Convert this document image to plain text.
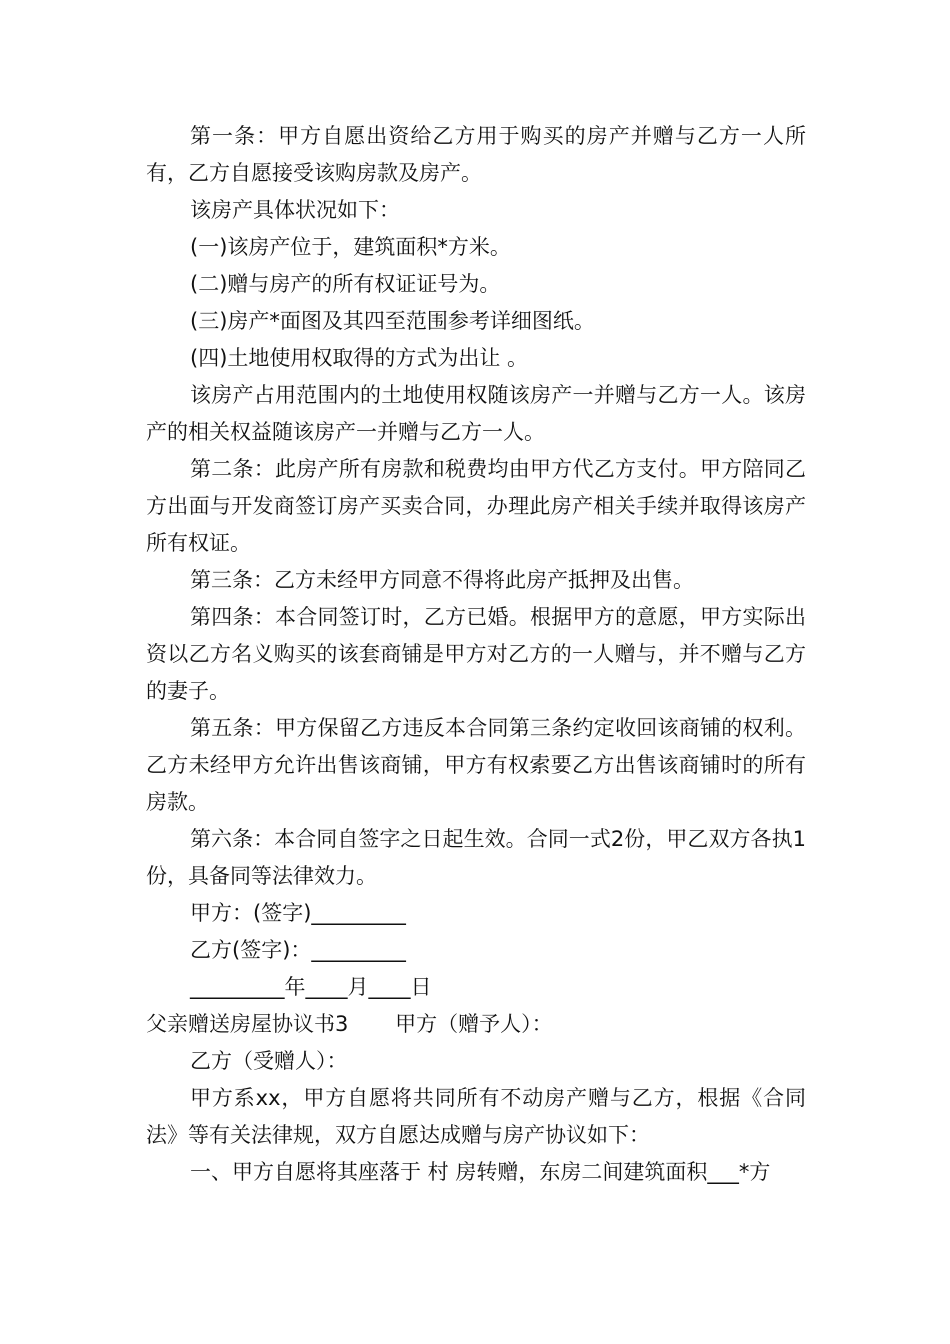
第一条：甲方自愿出资给乙方用于购买的房产并赠与乙方一人所有，乙方自愿接受该购房款及房产。

该房产具体状况如下：

(一)该房产位于，建筑面积*方米。

(二)赠与房产的所有权证证号为。

(三)房产*面图及其四至范围参考详细图纸。

(四)土地使用权取得的方式为出让 。

该房产占用范围内的土地使用权随该房产一并赠与乙方一人。该房产的相关权益随该房产一并赠与乙方一人。

第二条：此房产所有房款和税费均由甲方代乙方支付。甲方陪同乙方出面与开发商签订房产买卖合同，办理此房产相关手续并取得该房产所有权证。

第三条：乙方未经甲方同意不得将此房产抵押及出售。

第四条：本合同签订时，乙方已婚。根据甲方的意愿，甲方实际出资以乙方名义购买的该套商铺是甲方对乙方的一人赠与，并不赠与乙方的妻子。

第五条：甲方保留乙方违反本合同第三条约定收回该商铺的权利。乙方未经甲方允许出售该商铺，甲方有权索要乙方出售该商铺时的所有房款。

第六条：本合同自签字之日起生效。合同一式2份，甲乙双方各执1份，具备同等法律效力。

甲方：(签字)_________

乙方(签字)：_________

_________年____月____日

父亲赠送房屋协议书3       甲方（赠予人）：

乙方（受赠人）：

甲方系xx，甲方自愿将共同所有不动房产赠与乙方，根据《合同法》等有关法律规，双方自愿达成赠与房产协议如下：

一、甲方自愿将其座落于 村 房转赠，东房二间建筑面积___*方
